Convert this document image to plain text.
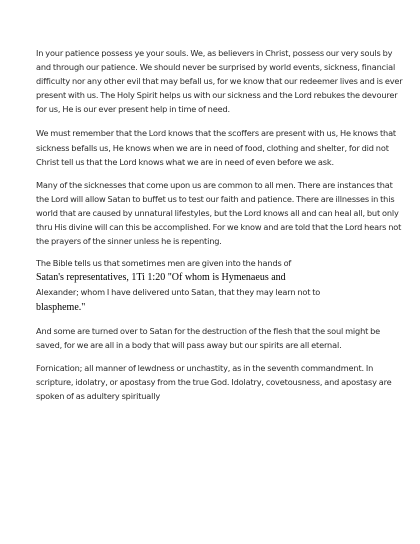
In your patience possess ye your souls. We, as believers in Christ, possess our very souls by and through our patience. We should never be surprised by world events, sickness, financial difficulty nor any other evil that may befall us, for we know that our redeemer lives and is ever present with us. The Holy Spirit helps us with our sickness and the Lord rebukes the devourer for us, He is our ever present help in time of need.

We must remember that the Lord knows that the scoffers are present with us, He knows that sickness befalls us, He knows when we are in need of food, clothing and shelter, for did not Christ tell us that the Lord knows what we are in need of even before we ask.

Many of the sicknesses that come upon us are common to all men. There are instances that the Lord will allow Satan to buffet us to test our faith and patience. There are illnesses in this world that are caused by unnatural lifestyles, but the Lord knows all and can heal all, but only thru His divine will can this be accomplished. For we know and are told that the Lord hears not the prayers of the sinner unless he is repenting.

The Bible tells us that sometimes men are given into the hands of
Satan's representatives, 1Ti 1:20 "Of whom is Hymenaeus and
Alexander; whom I have delivered unto Satan, that they may learn not to
blaspheme."

And some are turned over to Satan for the destruction of the flesh that the soul might be saved, for we are all in a body that will pass away but our spirits are all eternal.

Fornication; all manner of lewdness or unchastity, as in the seventh commandment. In scripture, idolatry, or apostasy from the true God. Idolatry, covetousness, and apostasy are spoken of as adultery spiritually
